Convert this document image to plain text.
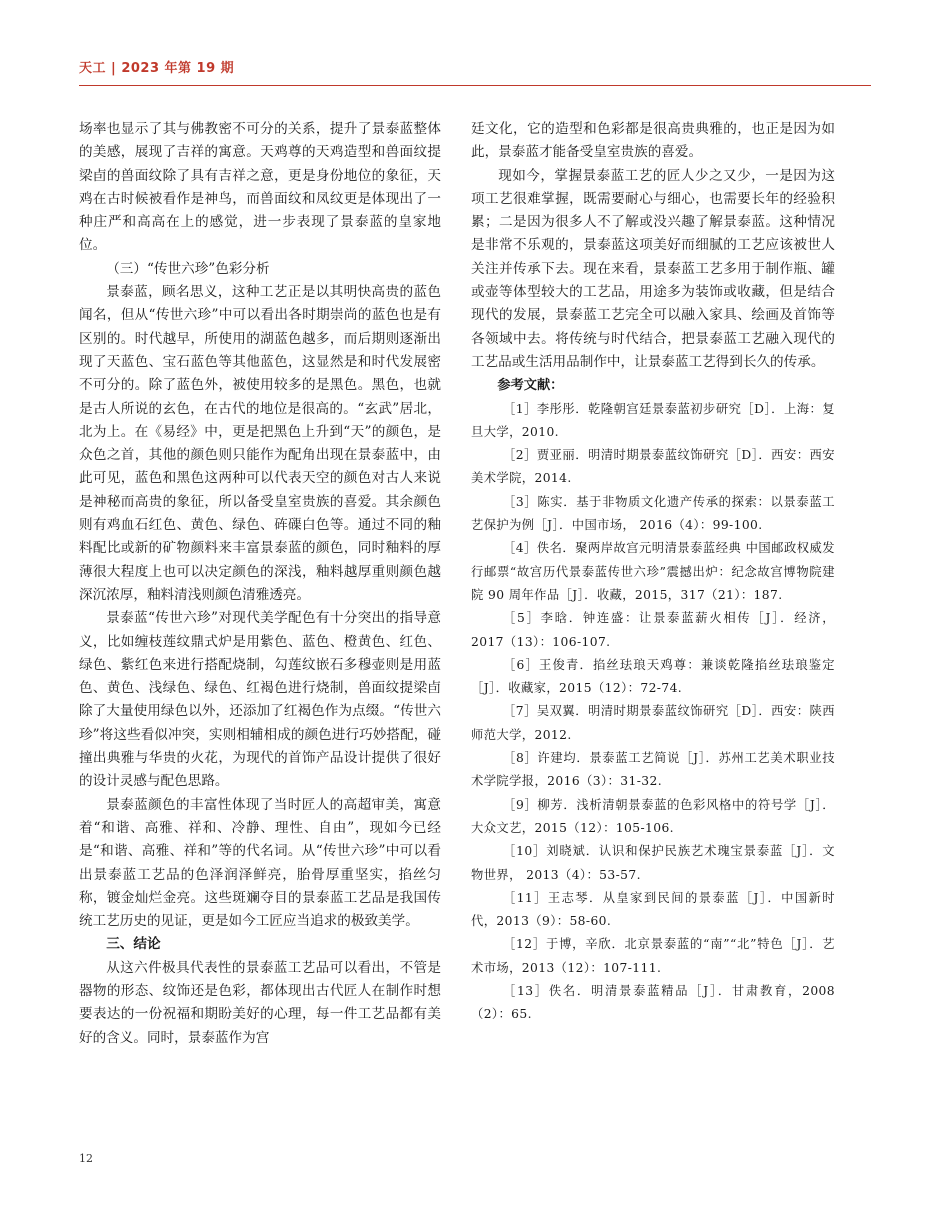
天工 | 2023 年第 19 期

场率也显示了其与佛教密不可分的关系，提升了景泰蓝整体的美感，展现了吉祥的寓意。天鸡尊的天鸡造型和兽面纹提梁卣的兽面纹除了具有吉祥之意，更是身份地位的象征，天鸡在古时候被看作是神鸟，而兽面纹和凤纹更是体现出了一种庄严和高高在上的感觉，进一步表现了景泰蓝的皇家地位。

（三）“传世六珍”色彩分析

景泰蓝，顾名思义，这种工艺正是以其明快高贵的蓝色闻名，但从“传世六珍”中可以看出各时期崇尚的蓝色也是有区别的。时代越早，所使用的湖蓝色越多，而后期则逐渐出现了天蓝色、宝石蓝色等其他蓝色，这显然是和时代发展密不可分的。除了蓝色外，被使用较多的是黑色。黑色，也就是古人所说的玄色，在古代的地位是很高的。“玄武”居北，北为上。在《易经》中，更是把黑色上升到“天”的颜色，是众色之首，其他的颜色则只能作为配角出现在景泰蓝中，由此可见，蓝色和黑色这两种可以代表天空的颜色对古人来说是神秘而高贵的象征，所以备受皇室贵族的喜爱。其余颜色则有鸡血石红色、黄色、绿色、砗磲白色等。通过不同的釉料配比或新的矿物颜料来丰富景泰蓝的颜色，同时釉料的厚薄很大程度上也可以决定颜色的深浅，釉料越厚重则颜色越深沉浓厚，釉料清浅则颜色清雅透亮。

景泰蓝“传世六珍”对现代美学配色有十分突出的指导意义，比如缠枝莲纹鼎式炉是用紫色、蓝色、橙黄色、红色、绿色、紫红色来进行搭配烧制，勾莲纹嵌石多穆壶则是用蓝色、黄色、浅绿色、绿色、红褐色进行烧制，兽面纹提梁卣除了大量使用绿色以外，还添加了红褐色作为点缀。“传世六珍”将这些看似冲突，实则相辅相成的颜色进行巧妙搭配，碰撞出典雅与华贵的火花，为现代的首饰产品设计提供了很好的设计灵感与配色思路。

景泰蓝颜色的丰富性体现了当时匠人的高超审美，寓意着“和谐、高雅、祥和、冷静、理性、自由”，现如今已经是“和谐、高雅、祥和”等的代名词。从“传世六珍”中可以看出景泰蓝工艺品的色泽润泽鲜亮，胎骨厚重坚实，掐丝匀称，镀金灿烂金亮。这些斑斓夺目的景泰蓝工艺品是我国传统工艺历史的见证，更是如今工匠应当追求的极致美学。

三、结论

从这六件极具代表性的景泰蓝工艺品可以看出，不管是器物的形态、纹饰还是色彩，都体现出古代匠人在制作时想要表达的一份祝福和期盼美好的心理，每一件工艺品都有美好的含义。同时，景泰蓝作为宫

廷文化，它的造型和色彩都是很高贵典雅的，也正是因为如此，景泰蓝才能备受皇室贵族的喜爱。

现如今，掌握景泰蓝工艺的匠人少之又少，一是因为这项工艺很难掌握，既需要耐心与细心，也需要长年的经验积累；二是因为很多人不了解或没兴趣了解景泰蓝。这种情况是非常不乐观的，景泰蓝这项美好而细腻的工艺应该被世人关注并传承下去。现在来看，景泰蓝工艺多用于制作瓶、罐或壶等体型较大的工艺品，用途多为装饰或收藏，但是结合现代的发展，景泰蓝工艺完全可以融入家具、绘画及首饰等各领域中去。将传统与时代结合，把景泰蓝工艺融入现代的工艺品或生活用品制作中，让景泰蓝工艺得到长久的传承。

参考文献：

［1］李彤彤．乾隆朝宫廷景泰蓝初步研究［D］．上海：复旦大学，2010.

［2］贾亚丽．明清时期景泰蓝纹饰研究［D］．西安：西安美术学院，2014.

［3］陈实．基于非物质文化遗产传承的探索：以景泰蓝工艺保护为例［J］．中国市场， 2016（4）：99-100.

［4］佚名．聚两岸故宫元明清景泰蓝经典 中国邮政权威发行邮票“故宫历代景泰蓝传世六珍”震撼出炉：纪念故宫博物院建院 90 周年作品［J］．收藏，2015，317（21）：187.

［5］李晗．钟连盛：让景泰蓝薪火相传［J］．经济，2017（13）：106-107.

［6］王俊青．掐丝珐琅天鸡尊：兼谈乾隆掐丝珐琅鉴定［J］．收藏家，2015（12）：72-74.

［7］吴双翼．明清时期景泰蓝纹饰研究［D］．西安：陕西师范大学，2012.

［8］许建均．景泰蓝工艺简说［J］．苏州工艺美术职业技术学院学报，2016（3）：31-32.

［9］柳芳．浅析清朝景泰蓝的色彩风格中的符号学［J］．大众文艺，2015（12）：105-106.

［10］刘晓斌．认识和保护民族艺术瑰宝景泰蓝［J］．文物世界， 2013（4）：53-57.

［11］王志琴．从皇家到民间的景泰蓝［J］．中国新时代，2013（9）：58-60.

［12］于博，辛欣．北京景泰蓝的“南”“北”特色［J］．艺术市场，2013（12）：107-111.

［13］佚名．明清景泰蓝精品［J］．甘肃教育，2008（2）：65.

12
